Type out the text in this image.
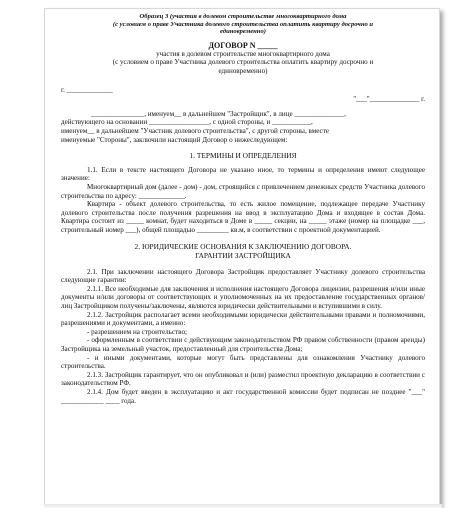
Образец 3 (участия в долевом строительстве многоквартирного дома
(с условием о праве Участника долевого строительства оплатить квартиру досрочно и
единовременно)
ДОГОВОР N _____
участия в долевом строительстве многоквартирного дома
(с условием о праве Участника долевого строительства оплатить квартиру досрочно и
единовременно)
г. _____________
"___"______________ г.
_______________, именуем__ в дальнейшем "Застройщик", в лице ______________,
действующего на основании _________________, с одной стороны, и ___________,
именуем__ в дальнейшем "Участник долевого строительства", с другой стороны, вместе
именуемые "Стороны", заключили настоящий Договор о нижеследующем:
1. ТЕРМИНЫ И ОПРЕДЕЛЕНИЯ

1.1. Если в тексте настоящего Договора не указано иное, то термины и определения имеют следующее значение:

Многоквартирный дом (далее - дом) - дом, строящийся с привлечением денежных средств Участника долевого строительства по адресу: _____________.

Квартира - объект долевого строительства, то есть жилое помещение, подлежащее передаче Участнику долевого строительства после получения разрешения на ввод в эксплуатацию Дома и входящее в состав Дома. Квартира состоит из _____ комнат, будет находиться в Доме в _____ секции, на _____ этаже (номер на площадке ___, строительный номер ___), общей площадью _________ кв.м, в соответствии с проектной документацией.

2. ЮРИДИЧЕСКИЕ ОСНОВАНИЯ К ЗАКЛЮЧЕНИЮ ДОГОВОРА.
ГАРАНТИИ ЗАСТРОЙЩИКА

2.1. При заключении настоящего Договора Застройщик предоставляет Участнику долевого строительства следующие гарантии:

2.1.1. Все необходимые для заключения и исполнения настоящего Договора лицензии, разрешения и/или иные документы и/или договоры от соответствующих и уполномоченных на их предоставление государственных органов/лиц Застройщиком получены/заключены, являются юридически действительными и вступившими в силу.

2.1.2. Застройщик располагает всеми необходимыми юридически действительными правами и полномочиями, разрешениями и документами, а именно:

- разрешением на строительство;

- оформленным в соответствии с действующим законодательством РФ правом собственности (правом аренды) Застройщика на земельный участок, предоставленный для строительства Дома;

- и иными документами, которые могут быть представлены для ознакомления Участнику долевого строительства.

2.1.3. Застройщик гарантирует, что он опубликовал и (или) разместил проектную декларацию в соответствии с законодательством РФ.

2.1.4. Дом будет введен в эксплуатацию и акт государственной комиссии будет подписан не позднее "___" ____________ ____ года.
